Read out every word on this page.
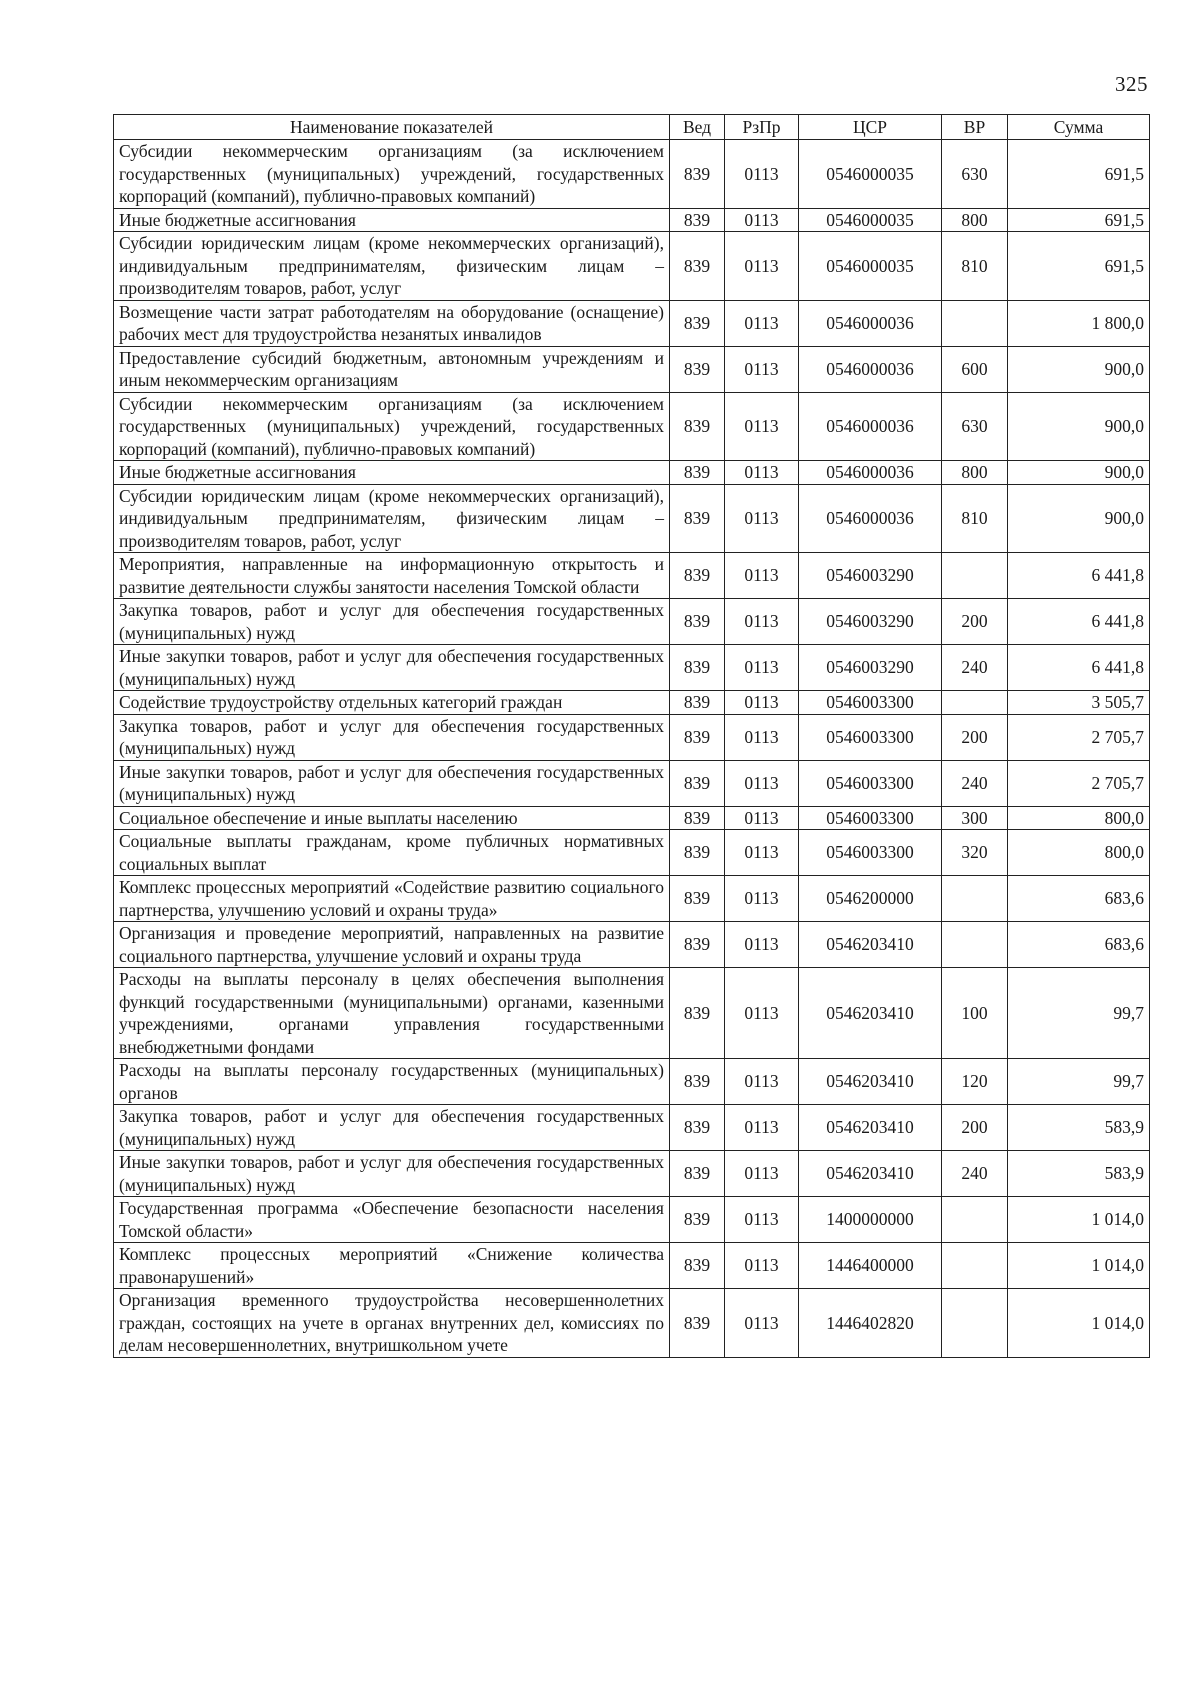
325
Наименование показателей	Вед	РзПр	ЦСР	ВР	Сумма
Субсидии некоммерческим организациям (за исключением государственных (муниципальных) учреждений, государственных корпораций (компаний), публично-правовых компаний)	839	0113	0546000035	630	691,5
Иные бюджетные ассигнования	839	0113	0546000035	800	691,5
Субсидии юридическим лицам (кроме некоммерческих организаций), индивидуальным предпринимателям, физическим лицам – производителям товаров, работ, услуг	839	0113	0546000035	810	691,5
Возмещение части затрат работодателям на оборудование (оснащение) рабочих мест для трудоустройства незанятых инвалидов	839	0113	0546000036		1 800,0
Предоставление субсидий бюджетным, автономным учреждениям и иным некоммерческим организациям	839	0113	0546000036	600	900,0
Субсидии некоммерческим организациям (за исключением государственных (муниципальных) учреждений, государственных корпораций (компаний), публично-правовых компаний)	839	0113	0546000036	630	900,0
Иные бюджетные ассигнования	839	0113	0546000036	800	900,0
Субсидии юридическим лицам (кроме некоммерческих организаций), индивидуальным предпринимателям, физическим лицам – производителям товаров, работ, услуг	839	0113	0546000036	810	900,0
Мероприятия, направленные на информационную открытость и развитие деятельности службы занятости населения Томской области	839	0113	0546003290		6 441,8
Закупка товаров, работ и услуг для обеспечения государственных (муниципальных) нужд	839	0113	0546003290	200	6 441,8
Иные закупки товаров, работ и услуг для обеспечения государственных (муниципальных) нужд	839	0113	0546003290	240	6 441,8
Содействие трудоустройству отдельных категорий граждан	839	0113	0546003300		3 505,7
Закупка товаров, работ и услуг для обеспечения государственных (муниципальных) нужд	839	0113	0546003300	200	2 705,7
Иные закупки товаров, работ и услуг для обеспечения государственных (муниципальных) нужд	839	0113	0546003300	240	2 705,7
Социальное обеспечение и иные выплаты населению	839	0113	0546003300	300	800,0
Социальные выплаты гражданам, кроме публичных нормативных социальных выплат	839	0113	0546003300	320	800,0
Комплекс процессных мероприятий «Содействие развитию социального партнерства, улучшению условий и охраны труда»	839	0113	0546200000		683,6
Организация и проведение мероприятий, направленных на развитие социального партнерства, улучшение условий и охраны труда	839	0113	0546203410		683,6
Расходы на выплаты персоналу в целях обеспечения выполнения функций государственными (муниципальными) органами, казенными учреждениями, органами управления государственными внебюджетными фондами	839	0113	0546203410	100	99,7
Расходы на выплаты персоналу государственных (муниципальных) органов	839	0113	0546203410	120	99,7
Закупка товаров, работ и услуг для обеспечения государственных (муниципальных) нужд	839	0113	0546203410	200	583,9
Иные закупки товаров, работ и услуг для обеспечения государственных (муниципальных) нужд	839	0113	0546203410	240	583,9
Государственная программа «Обеспечение безопасности населения Томской области»	839	0113	1400000000		1 014,0
Комплекс процессных мероприятий «Снижение количества правонарушений»	839	0113	1446400000		1 014,0
Организация временного трудоустройства несовершеннолетних граждан, состоящих на учете в органах внутренних дел, комиссиях по делам несовершеннолетних, внутришкольном учете	839	0113	1446402820		1 014,0
